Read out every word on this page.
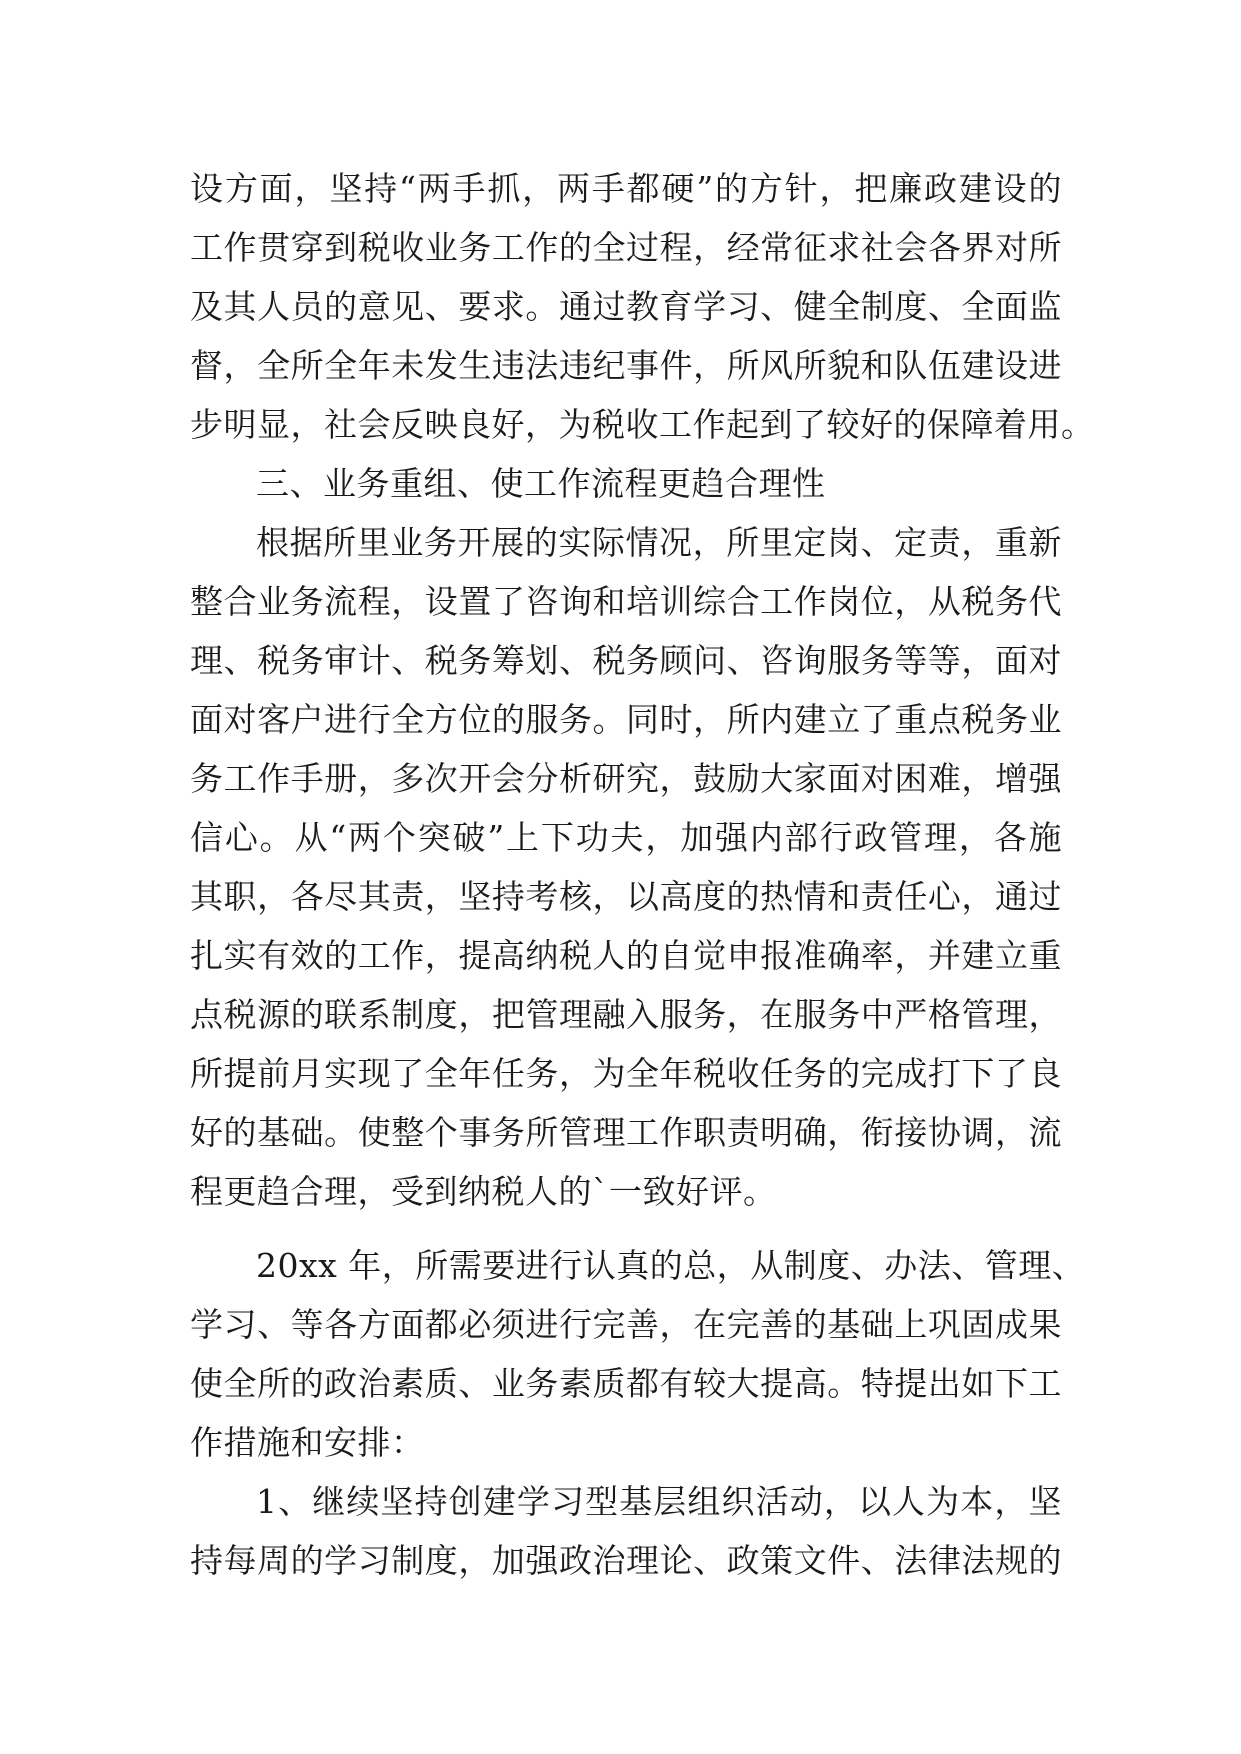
设方面，坚持“两手抓，两手都硬”的方针，把廉政建设的
工作贯穿到税收业务工作的全过程，经常征求社会各界对所
及其人员的意见、要求。通过教育学习、健全制度、全面监
督，全所全年未发生违法违纪事件，所风所貌和队伍建设进
步明显，社会反映良好，为税收工作起到了较好的保障着用。
三、业务重组、使工作流程更趋合理性
根据所里业务开展的实际情况，所里定岗、定责，重新
整合业务流程，设置了咨询和培训综合工作岗位，从税务代
理、税务审计、税务筹划、税务顾问、咨询服务等等，面对
面对客户进行全方位的服务。同时，所内建立了重点税务业
务工作手册，多次开会分析研究，鼓励大家面对困难，增强
信心。从“两个突破”上下功夫，加强内部行政管理，各施
其职，各尽其责，坚持考核，以高度的热情和责任心，通过
扎实有效的工作，提高纳税人的自觉申报准确率，并建立重
点税源的联系制度，把管理融入服务，在服务中严格管理，
所提前月实现了全年任务，为全年税收任务的完成打下了良
好的基础。使整个事务所管理工作职责明确，衔接协调，流
程更趋合理，受到纳税人的`一致好评。
20xx 年，所需要进行认真的总，从制度、办法、管理、
学习、等各方面都必须进行完善，在完善的基础上巩固成果
使全所的政治素质、业务素质都有较大提高。特提出如下工
作措施和安排：
1、继续坚持创建学习型基层组织活动，以人为本，坚
持每周的学习制度，加强政治理论、政策文件、法律法规的
